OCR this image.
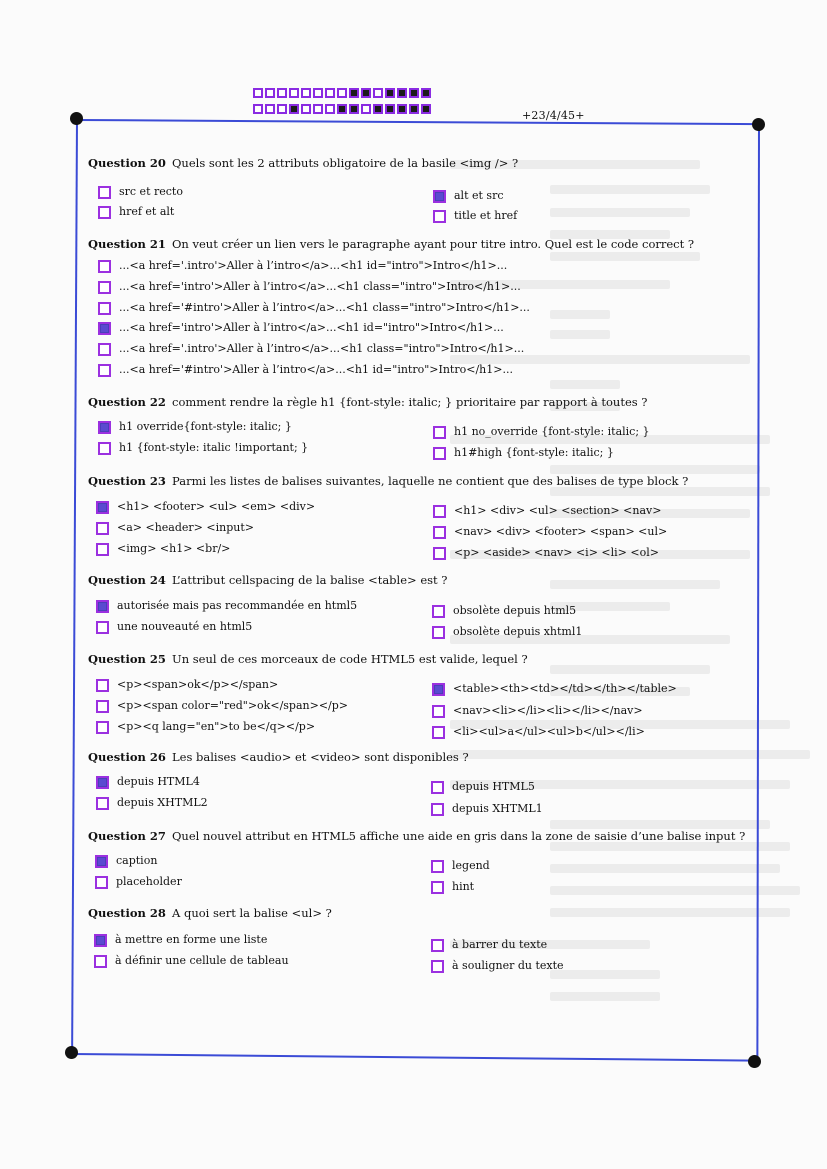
+23/4/45+
Question 20 Quels sont les 2 attributs obligatoire de la basile <img /> ?
src et recto
href et alt
alt et src
title et href
Question 21 On veut créer un lien vers le paragraphe ayant pour titre intro. Quel est le code correct ?
...<a href='.intro'>Aller à l’intro</a>...<h1 id="intro">Intro</h1>...
...<a href='intro'>Aller à l’intro</a>...<h1 class="intro">Intro</h1>...
...<a href='#intro'>Aller à l’intro</a>...<h1 class="intro">Intro</h1>...
...<a href='intro'>Aller à l’intro</a>...<h1 id="intro">Intro</h1>...
...<a href='.intro'>Aller à l’intro</a>...<h1 class="intro">Intro</h1>...
...<a href='#intro'>Aller à l’intro</a>...<h1 id="intro">Intro</h1>...
Question 22 comment rendre la règle h1 {font-style: italic; } prioritaire par rapport à toutes ?
h1 override{font-style: italic; }
h1 {font-style: italic !important; }
h1 no_override {font-style: italic; }
h1#high {font-style: italic; }
Question 23 Parmi les listes de balises suivantes, laquelle ne contient que des balises de type block ?
<h1> <footer> <ul> <em> <div>
<a> <header> <input>
<img> <h1> <br/>
<h1> <div> <ul> <section> <nav>
<nav> <div> <footer> <span> <ul>
<p> <aside> <nav> <i> <li> <ol>
Question 24 L’attribut cellspacing de la balise <table> est ?
autorisée mais pas recommandée en html5
une nouveauté en html5
obsolète depuis html5
obsolète depuis xhtml1
Question 25 Un seul de ces morceaux de code HTML5 est valide, lequel ?
<p><span>ok</p></span>
<p><span color="red">ok</span></p>
<p><q lang="en">to be</q></p>
<table><th><td></td></th></table>
<nav><li></li><li></li></nav>
<li><ul>a</ul><ul>b</ul></li>
Question 26 Les balises <audio> et <video> sont disponibles ?
depuis HTML4
depuis XHTML2
depuis HTML5
depuis XHTML1
Question 27 Quel nouvel attribut en HTML5 affiche une aide en gris dans la zone de saisie d’une balise input ?
caption
placeholder
legend
hint
Question 28 A quoi sert la balise <ul> ?
à mettre en forme une liste
à définir une cellule de tableau
à barrer du texte
à souligner du texte
